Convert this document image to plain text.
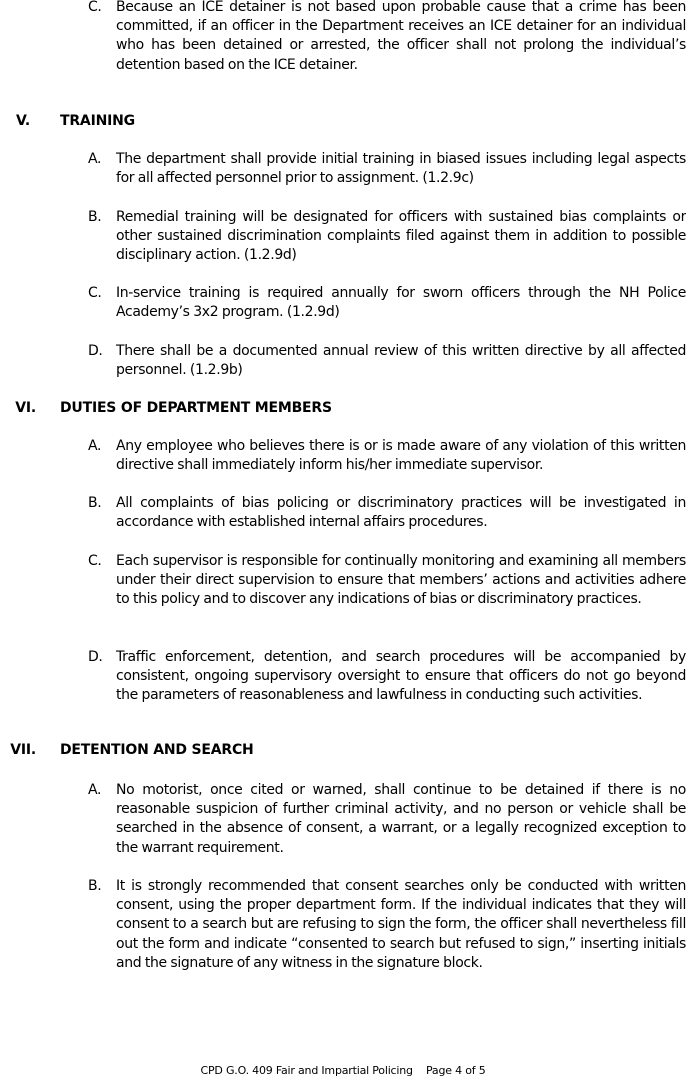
C. Because an ICE detainer is not based upon probable cause that a crime has been committed, if an officer in the Department receives an ICE detainer for an individual who has been detained or arrested, the officer shall not prolong the individual’s detention based on the ICE detainer.
V. TRAINING
A. The department shall provide initial training in biased issues including legal aspects for all affected personnel prior to assignment. (1.2.9c)
B. Remedial training will be designated for officers with sustained bias complaints or other sustained discrimination complaints filed against them in addition to possible disciplinary action. (1.2.9d)
C. In-service training is required annually for sworn officers through the NH Police Academy’s 3x2 program. (1.2.9d)
D. There shall be a documented annual review of this written directive by all affected personnel. (1.2.9b)
VI. DUTIES OF DEPARTMENT MEMBERS
A. Any employee who believes there is or is made aware of any violation of this written directive shall immediately inform his/her immediate supervisor.
B. All complaints of bias policing or discriminatory practices will be investigated in accordance with established internal affairs procedures.
C. Each supervisor is responsible for continually monitoring and examining all members under their direct supervision to ensure that members’ actions and activities adhere to this policy and to discover any indications of bias or discriminatory practices.
D. Traffic enforcement, detention, and search procedures will be accompanied by consistent, ongoing supervisory oversight to ensure that officers do not go beyond the parameters of reasonableness and lawfulness in conducting such activities.
VII. DETENTION AND SEARCH
A. No motorist, once cited or warned, shall continue to be detained if there is no reasonable suspicion of further criminal activity, and no person or vehicle shall be searched in the absence of consent, a warrant, or a legally recognized exception to the warrant requirement.
B. It is strongly recommended that consent searches only be conducted with written consent, using the proper department form. If the individual indicates that they will consent to a search but are refusing to sign the form, the officer shall nevertheless fill out the form and indicate “consented to search but refused to sign,” inserting initials and the signature of any witness in the signature block.
CPD G.O. 409 Fair and Impartial Policing    Page 4 of 5
